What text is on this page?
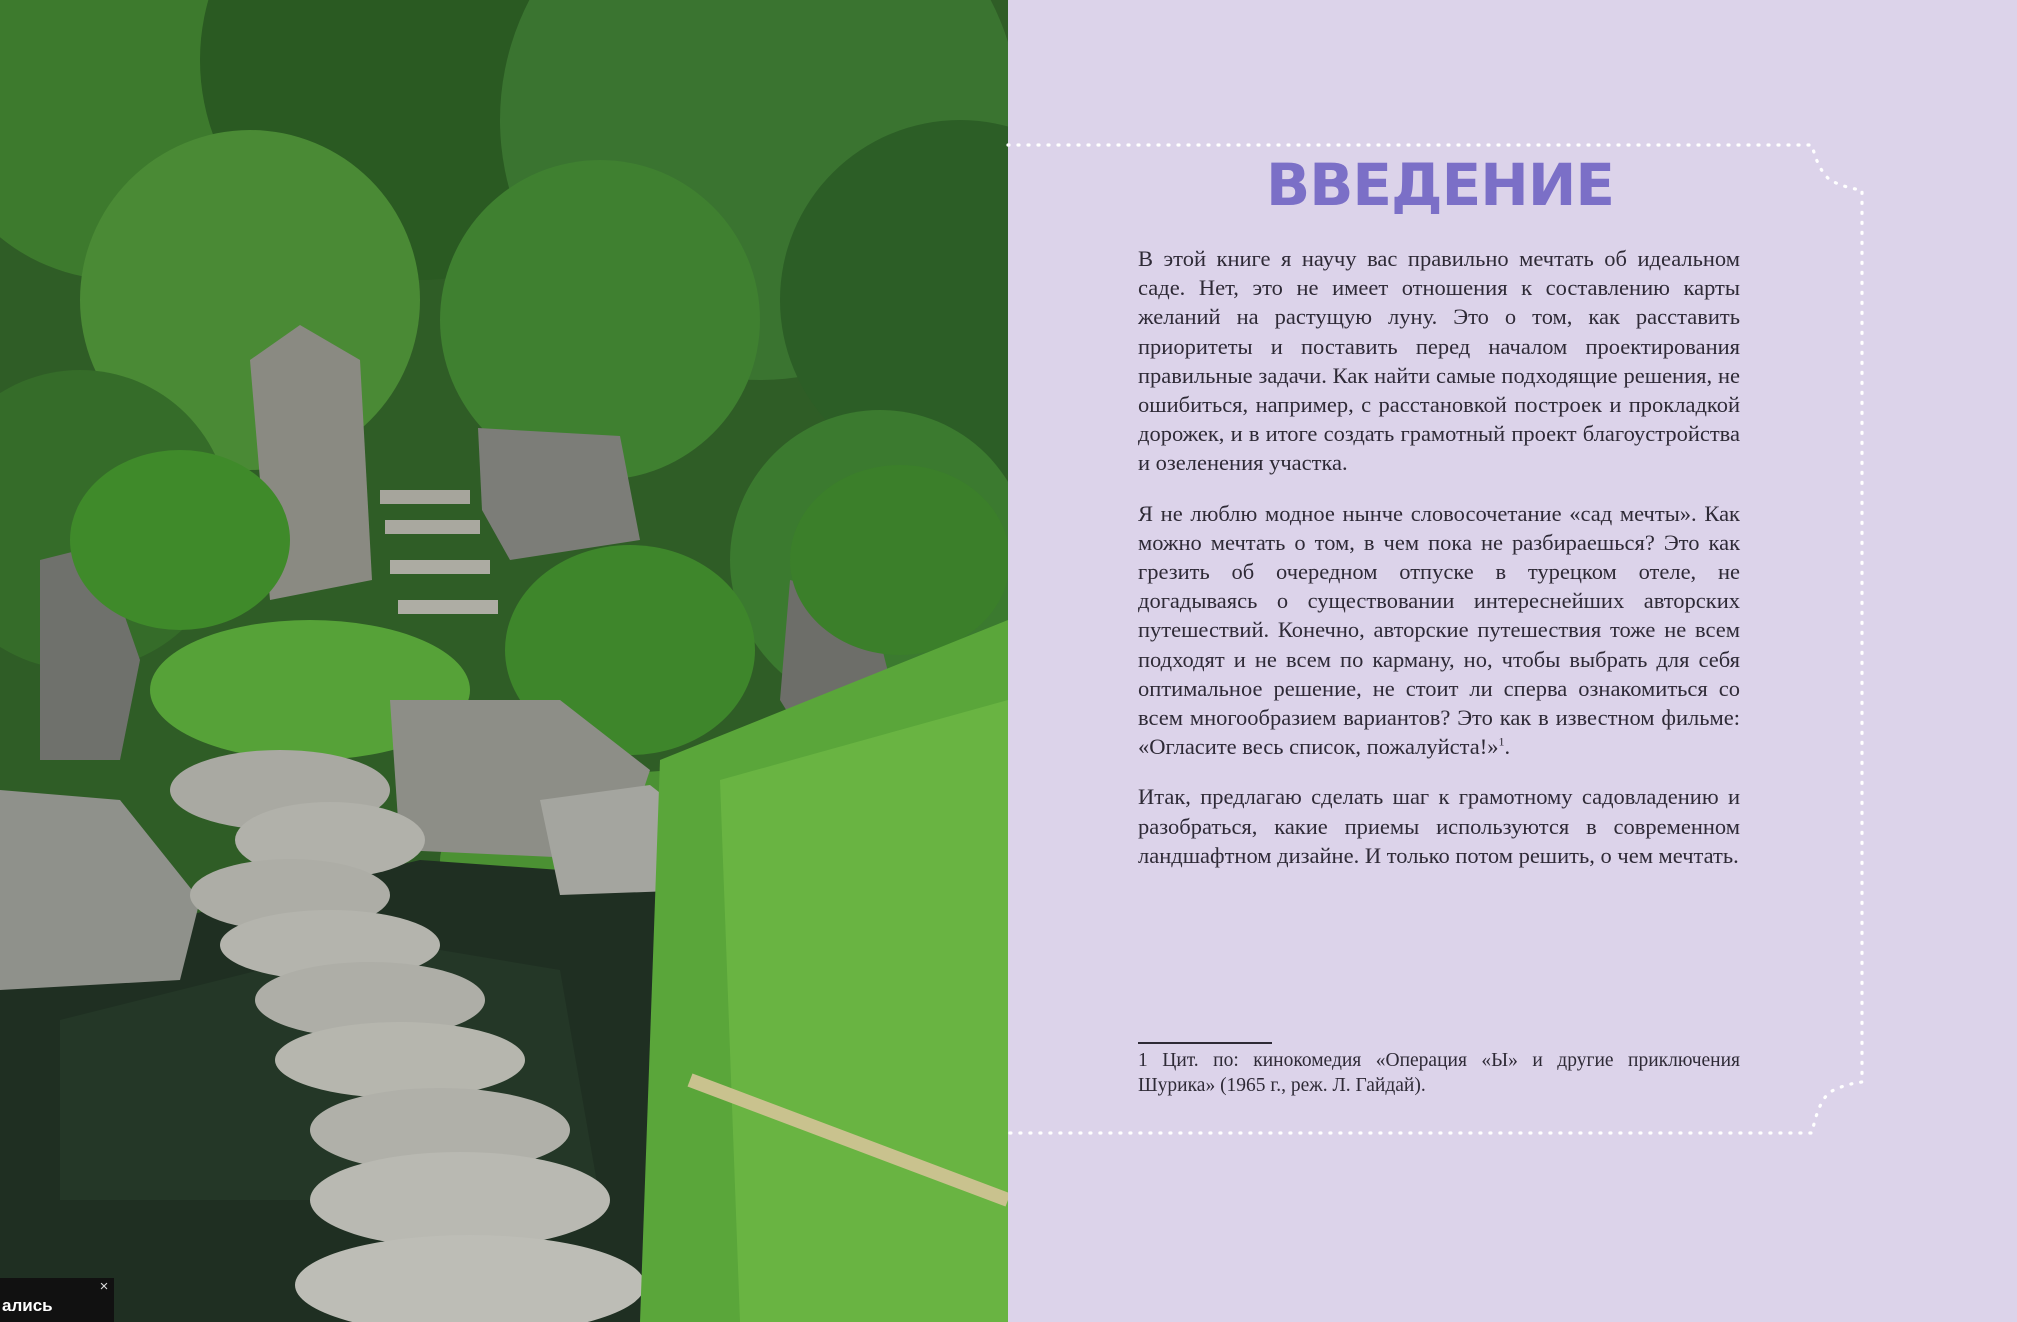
ВВЕДЕНИЕ

В этой книге я научу вас правильно мечтать об идеальном саде. Нет, это не имеет отношения к составлению карты желаний на растущую луну. Это о том, как расставить приоритеты и поставить перед началом проектирования правильные задачи. Как найти самые подходящие решения, не ошибиться, например, с расстановкой построек и прокладкой дорожек, и в итоге создать грамотный проект благоустройства и озеленения участка.

Я не люблю модное нынче словосочетание «сад мечты». Как можно мечтать о том, в чем пока не разбираешься? Это как грезить об очередном отпуске в турецком отеле, не догадываясь о существовании интереснейших авторских путешествий. Конечно, авторские путешествия тоже не всем подходят и не всем по карману, но, чтобы выбрать для себя оптимальное решение, не стоит ли сперва ознакомиться со всем многообразием вариантов? Это как в известном фильме: «Огласите весь список, пожалуйста!»$^1$.

Итак, предлагаю сделать шаг к грамотному садовладению и разобраться, какие приемы используются в современном ландшафтном дизайне. И только потом решить, о чем мечтать.

1 Цит. по: кинокомедия «Операция «Ы» и другие приключения Шурика» (1965 г., реж. Л. Гайдай).
ались
×
